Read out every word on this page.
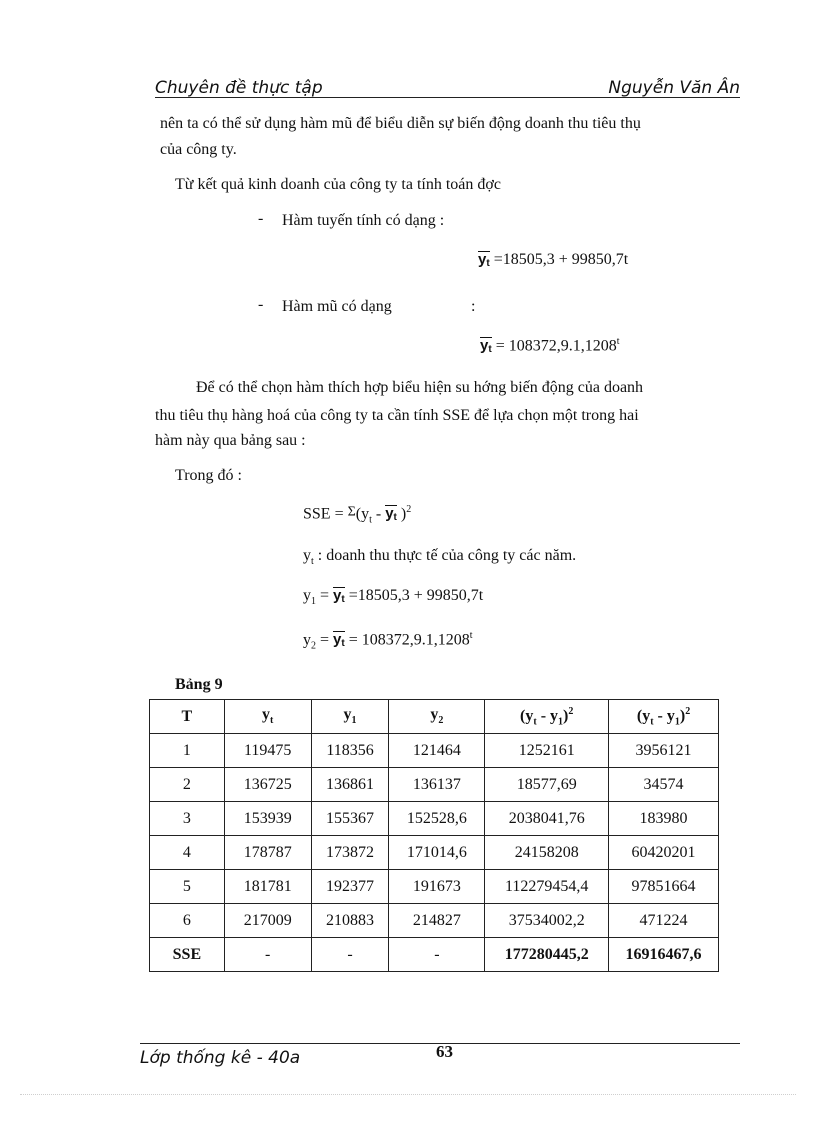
Chuyên đề thực tập	Nguyễn Văn Ân
nên ta có thể sử dụng hàm mũ để biểu diễn sự biến động doanh thu tiêu thụ
của công ty.
Từ kết quả kinh doanh của công ty ta tính toán đợc
- Hàm tuyến tính có dạng :
$y_t =18505,3 + 99850,7t$
- Hàm mũ có dạng	:
$y_t = 108372,9.1,1208^t$
Để có thể chọn hàm thích hợp biểu hiện su hớng biến động của doanh
thu tiêu thụ hàng hoá của công ty ta cần tính SSE để lựa chọn một trong hai
hàm này qua bảng sau :
Trong đó :
SSE = $\Sigma(y_t - y_t$ )$^2$
$y_t$ : doanh thu thực tế của công ty các năm.
$y_1 = y_t =18505,3 + 99850,7t$
$y_2 = y_t = 108372,9.1,1208^t$
Bảng 9
T	$y_t$	$y_1$	$y_2$	$(y_t - y_1)^2$	$(y_t - y_1)^2$
1	119475	118356	121464	1252161	3956121
2	136725	136861	136137	18577,69	34574
3	153939	155367	152528,6	2038041,76	183980
4	178787	173872	171014,6	24158208	60420201
5	181781	192377	191673	112279454,4	97851664
6	217009	210883	214827	37534002,2	471224
SSE	-	-	-	177280445,2	16916467,6
Lớp thống kê - 40a	63
